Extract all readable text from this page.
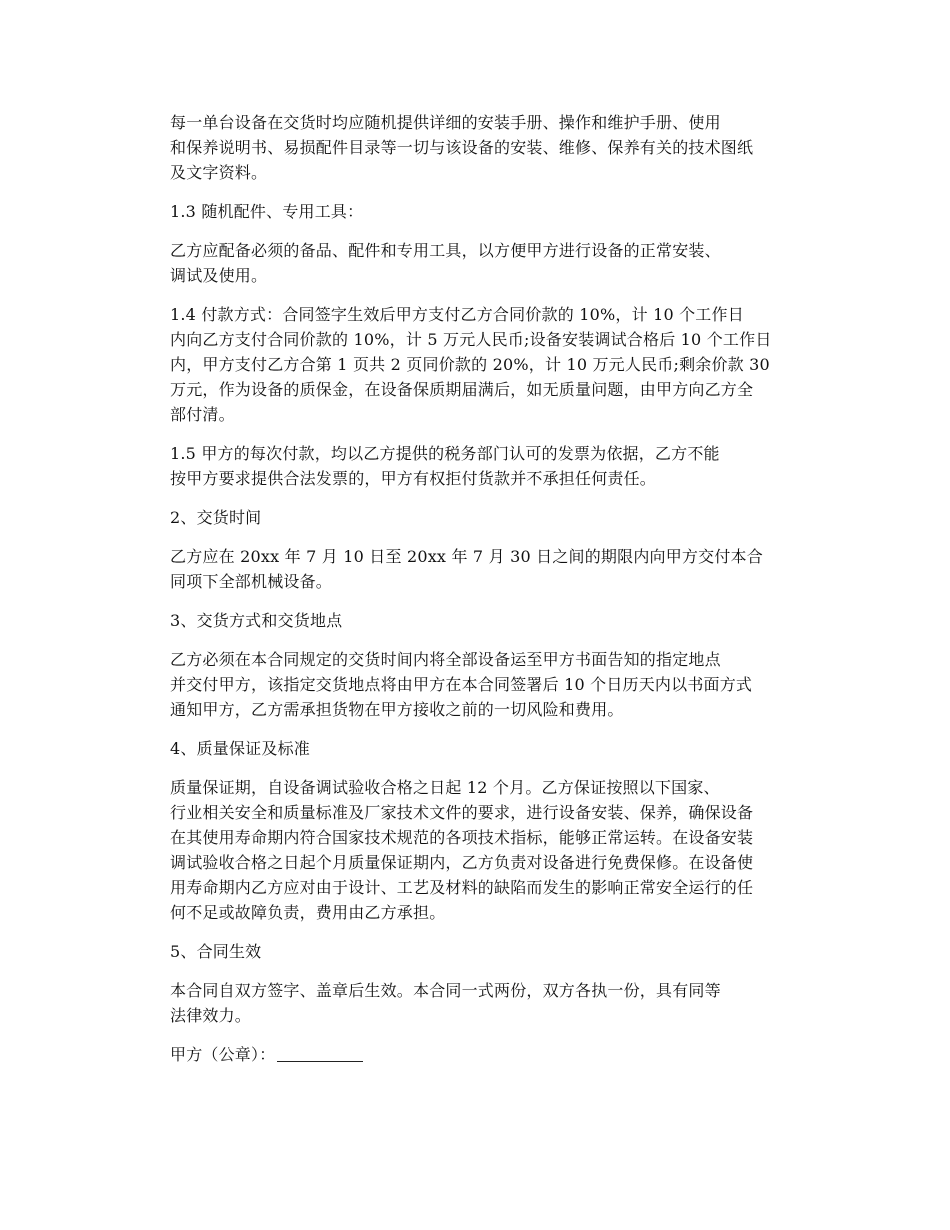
每一单台设备在交货时均应随机提供详细的安装手册、操作和维护手册、使用
和保养说明书、易损配件目录等一切与该设备的安装、维修、保养有关的技术图纸
及文字资料。

1.3 随机配件、专用工具：

乙方应配备必须的备品、配件和专用工具，以方便甲方进行设备的正常安装、
调试及使用。

1.4 付款方式：合同签字生效后甲方支付乙方合同价款的 10%，计 10 个工作日
内向乙方支付合同价款的 10%，计 5 万元人民币;设备安装调试合格后 10 个工作日
内，甲方支付乙方合第 1 页共 2 页同价款的 20%，计 10 万元人民币;剩余价款 30
万元，作为设备的质保金，在设备保质期届满后，如无质量问题，由甲方向乙方全
部付清。

1.5 甲方的每次付款，均以乙方提供的税务部门认可的发票为依据，乙方不能
按甲方要求提供合法发票的，甲方有权拒付货款并不承担任何责任。

2、交货时间

乙方应在 20xx 年 7 月 10 日至 20xx 年 7 月 30 日之间的期限内向甲方交付本合
同项下全部机械设备。

3、交货方式和交货地点

乙方必须在本合同规定的交货时间内将全部设备运至甲方书面告知的指定地点
并交付甲方，该指定交货地点将由甲方在本合同签署后 10 个日历天内以书面方式
通知甲方，乙方需承担货物在甲方接收之前的一切风险和费用。

4、质量保证及标准

质量保证期，自设备调试验收合格之日起 12 个月。乙方保证按照以下国家、
行业相关安全和质量标准及厂家技术文件的要求，进行设备安装、保养，确保设备
在其使用寿命期内符合国家技术规范的各项技术指标，能够正常运转。在设备安装
调试验收合格之日起个月质量保证期内，乙方负责对设备进行免费保修。在设备使
用寿命期内乙方应对由于设计、工艺及材料的缺陷而发生的影响正常安全运行的任
何不足或故障负责，费用由乙方承担。

5、合同生效

本合同自双方签字、盖章后生效。本合同一式两份，双方各执一份，具有同等
法律效力。

甲方（公章）：
